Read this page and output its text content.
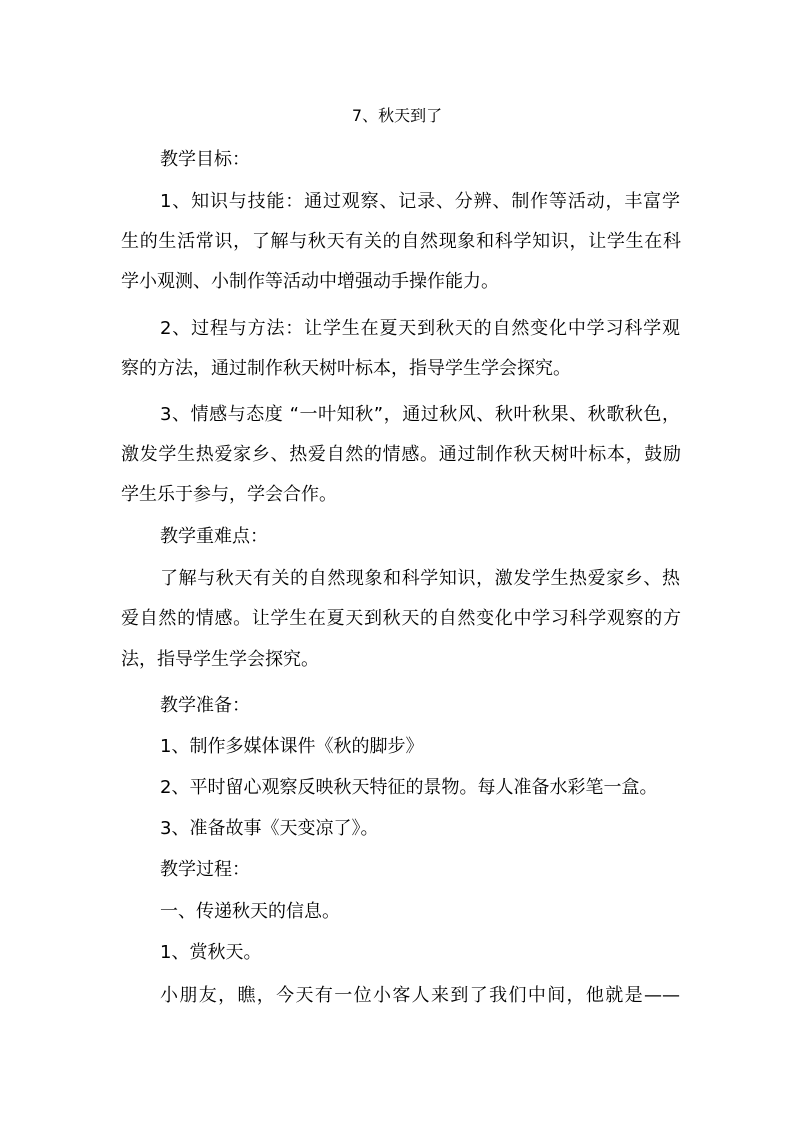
7、秋天到了
教学目标：
1、知识与技能：通过观察、记录、分辨、制作等活动，丰富学
生的生活常识，了解与秋天有关的自然现象和科学知识，让学生在科
学小观测、小制作等活动中增强动手操作能力。
2、过程与方法：让学生在夏天到秋天的自然变化中学习科学观
察的方法，通过制作秋天树叶标本，指导学生学会探究。
3、情感与态度 “一叶知秋”，通过秋风、秋叶秋果、秋歌秋色，
激发学生热爱家乡、热爱自然的情感。通过制作秋天树叶标本，鼓励
学生乐于参与，学会合作。
教学重难点：
了解与秋天有关的自然现象和科学知识，激发学生热爱家乡、热
爱自然的情感。让学生在夏天到秋天的自然变化中学习科学观察的方
法，指导学生学会探究。
教学准备：
1、制作多媒体课件《秋的脚步》
2、平时留心观察反映秋天特征的景物。每人准备水彩笔一盒。
3、准备故事《天变凉了》。
教学过程：
一、传递秋天的信息。
1、赏秋天。
小朋友，瞧，今天有一位小客人来到了我们中间，他就是——
